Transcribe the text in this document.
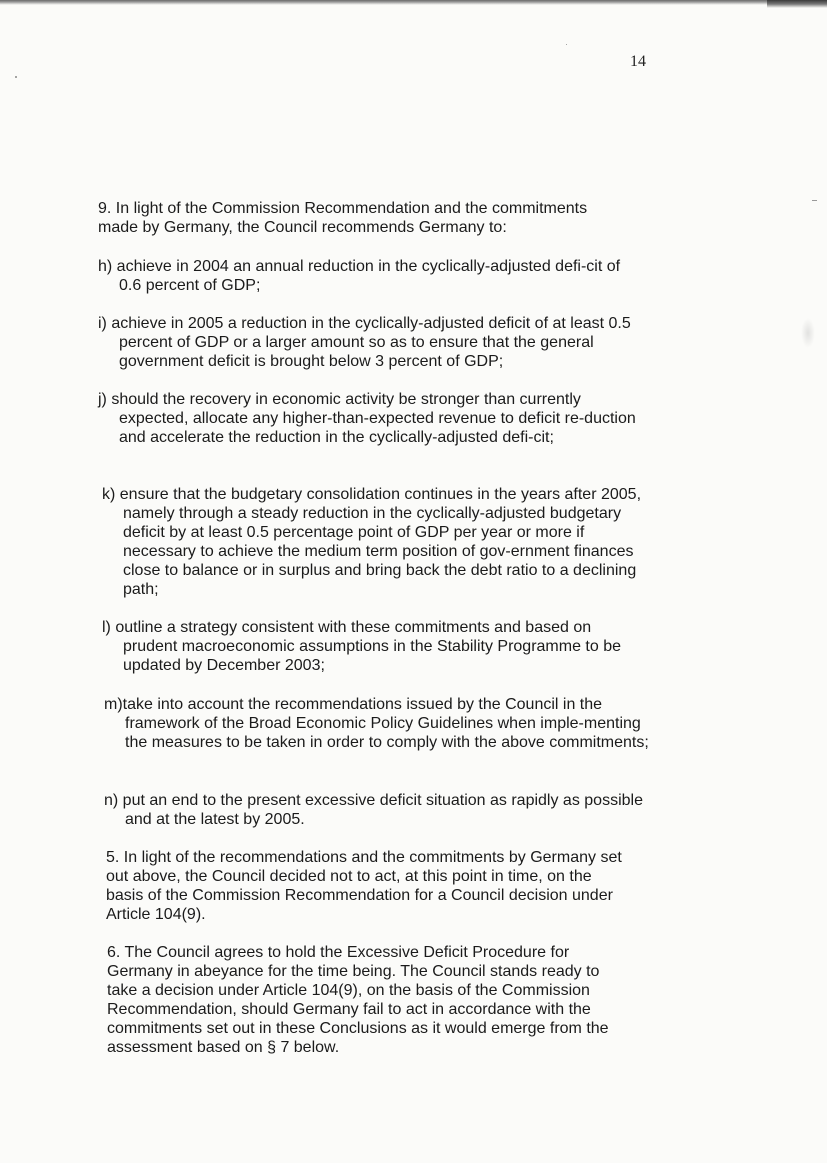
14

9. In light of the Commission Recommendation and the commitments made by Germany, the Council recommends Germany to:

h) achieve in 2004 an annual reduction in the cyclically-adjusted defi-cit of 0.6 percent of GDP;

i) achieve in 2005 a reduction in the cyclically-adjusted deficit of at least 0.5 percent of GDP or a larger amount so as to ensure that the general government deficit is brought below 3 percent of GDP;

j) should the recovery in economic activity be stronger than currently expected, allocate any higher-than-expected revenue to deficit re-duction and accelerate the reduction in the cyclically-adjusted defi-cit;

k) ensure that the budgetary consolidation continues in the years after 2005, namely through a steady reduction in the cyclically-adjusted budgetary deficit by at least 0.5 percentage point of GDP per year or more if necessary to achieve the medium term position of gov-ernment finances close to balance or in surplus and bring back the debt ratio to a declining path;

l) outline a strategy consistent with these commitments and based on prudent macroeconomic assumptions in the Stability Programme to be updated by December 2003;

m)take into account the recommendations issued by the Council in the framework of the Broad Economic Policy Guidelines when imple-menting the measures to be taken in order to comply with the above commitments;

n) put an end to the present excessive deficit situation as rapidly as possible and at the latest by 2005.

5. In light of the recommendations and the commitments by Germany set out above, the Council decided not to act, at this point in time, on the basis of the Commission Recommendation for a Council decision under Article 104(9).

6. The Council agrees to hold the Excessive Deficit Procedure for Germany in abeyance for the time being. The Council stands ready to take a decision under Article 104(9), on the basis of the Commission Recommendation, should Germany fail to act in accordance with the commitments set out in these Conclusions as it would emerge from the assessment based on § 7 below.
